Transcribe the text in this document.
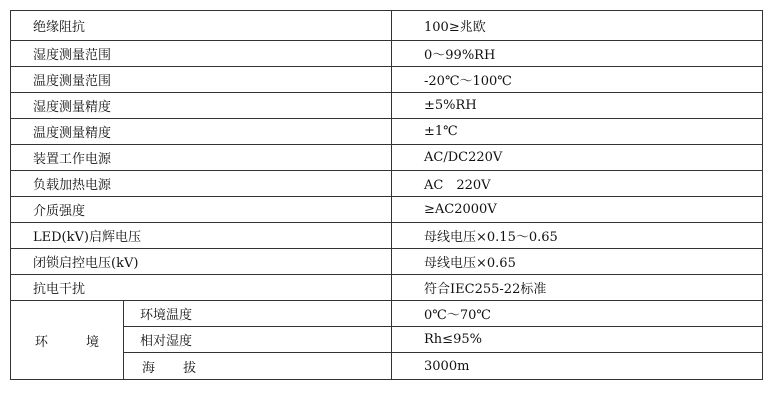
绝缘阻抗		100≥兆欧
湿度测量范围		0～99%RH
温度测量范围		-20℃～100℃
湿度测量精度		±5%RH
温度测量精度		±1℃
装置工作电源		AC/DC220V
负载加热电源		AC　220V
介质强度		≥AC2000V
LED(kV)启辉电压		母线电压×0.15～0.65
闭锁启控电压(kV)		母线电压×0.65
抗电干扰		符合IEC255-22标准
环 境	环境温度	0℃～70℃
	相对湿度	Rh≤95%
	海 拔	3000m
